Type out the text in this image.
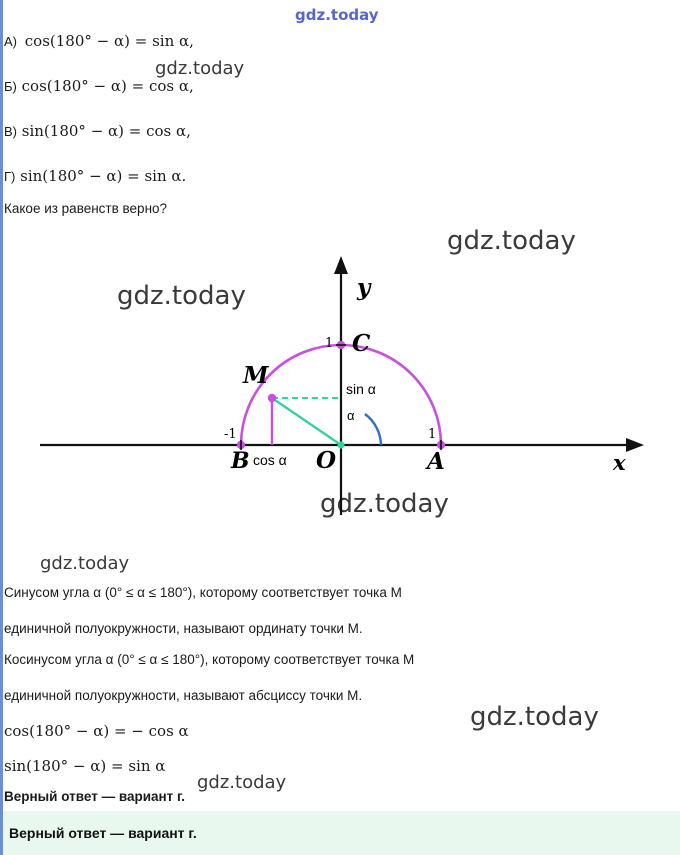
gdz.today
gdz.today
gdz.today
gdz.today
gdz.today
gdz.today
gdz.today
gdz.today
А) cos(180° − α) = sin α,
Б) cos(180° − α) = cos α,
В) sin(180° − α) = cos α,
Г) sin(180° − α) = sin α.
Какое из равенств верно?
y
x
C
M
B	O	A
1
-1	1
sin α
cos α
α
Синусом угла α (0° ≤ α ≤ 180°), которому соответствует точка M
единичной полуокружности, называют ординату точки M.
Косинусом угла α (0° ≤ α ≤ 180°), которому соответствует точка M
единичной полуокружности, называют абсциссу точки M.
cos(180° − α) = − cos α
sin(180° − α) = sin α
Верный ответ — вариант г.
Верный ответ — вариант г.
